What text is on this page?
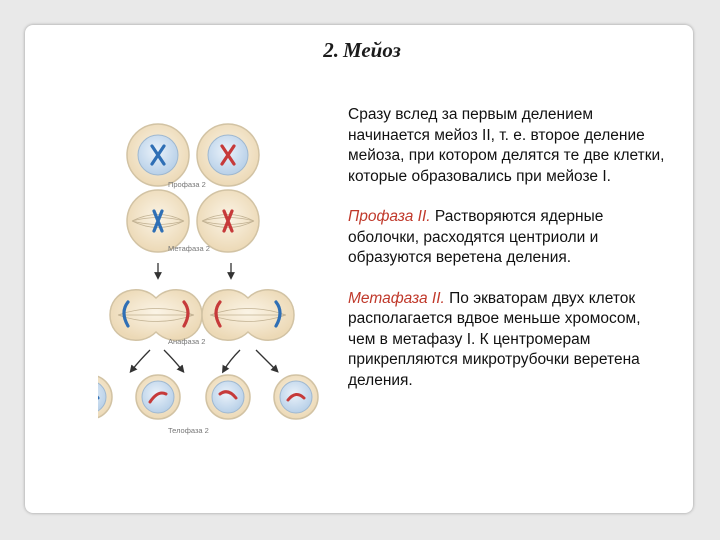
2. Мейоз
Профаза 2
Метафаза 2
Анафаза 2
Телофаза 2

Сразу вслед за первым делением начинается мейоз II, т. е. второе деление мейоза, при котором делятся те две клетки, которые образовались при мейозе I.

Профаза II. Растворяются ядерные оболочки, расходятся центриоли и образуются веретена деления.

Метафаза II. По экваторам двух клеток располагается вдвое меньше хромосом, чем в метафазу I. К центромерам прикрепляются микротрубочки веретена деления.
